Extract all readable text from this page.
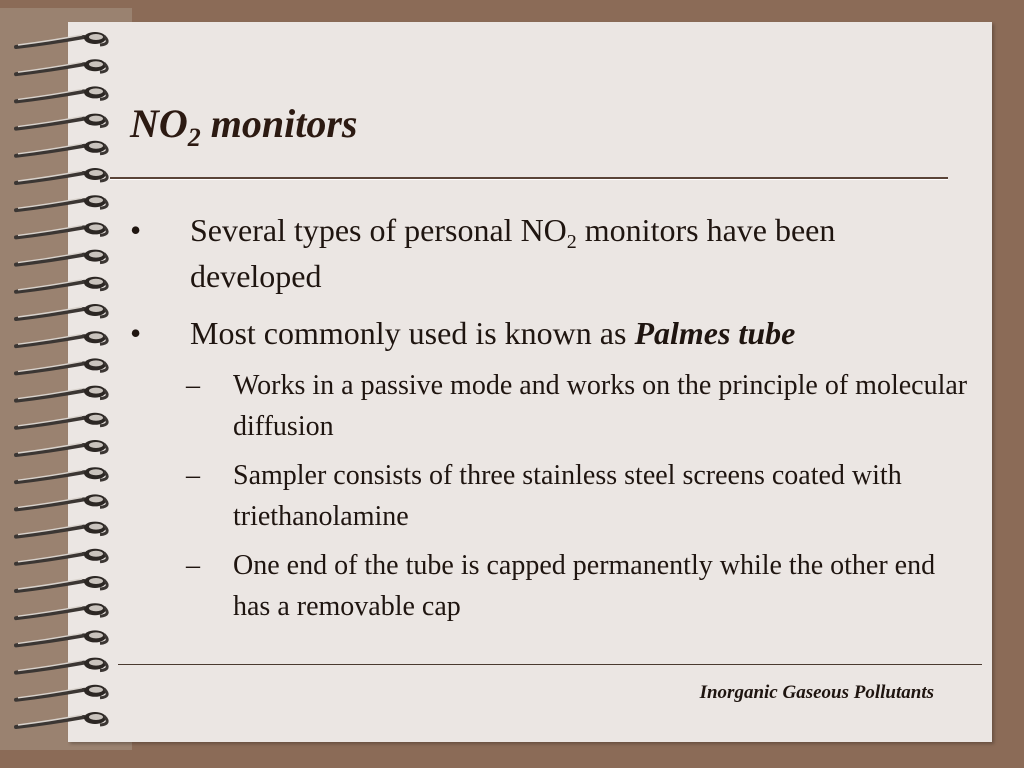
$NO_2$ monitors
• Several types of personal $NO_2$ monitors have been developed
• Most commonly used is known as Palmes tube
– Works in a passive mode and works on the principle of molecular diffusion
– Sampler consists of three stainless steel screens coated with triethanolamine
– One end of the tube is capped permanently while the other end has a removable cap
Inorganic Gaseous Pollutants
